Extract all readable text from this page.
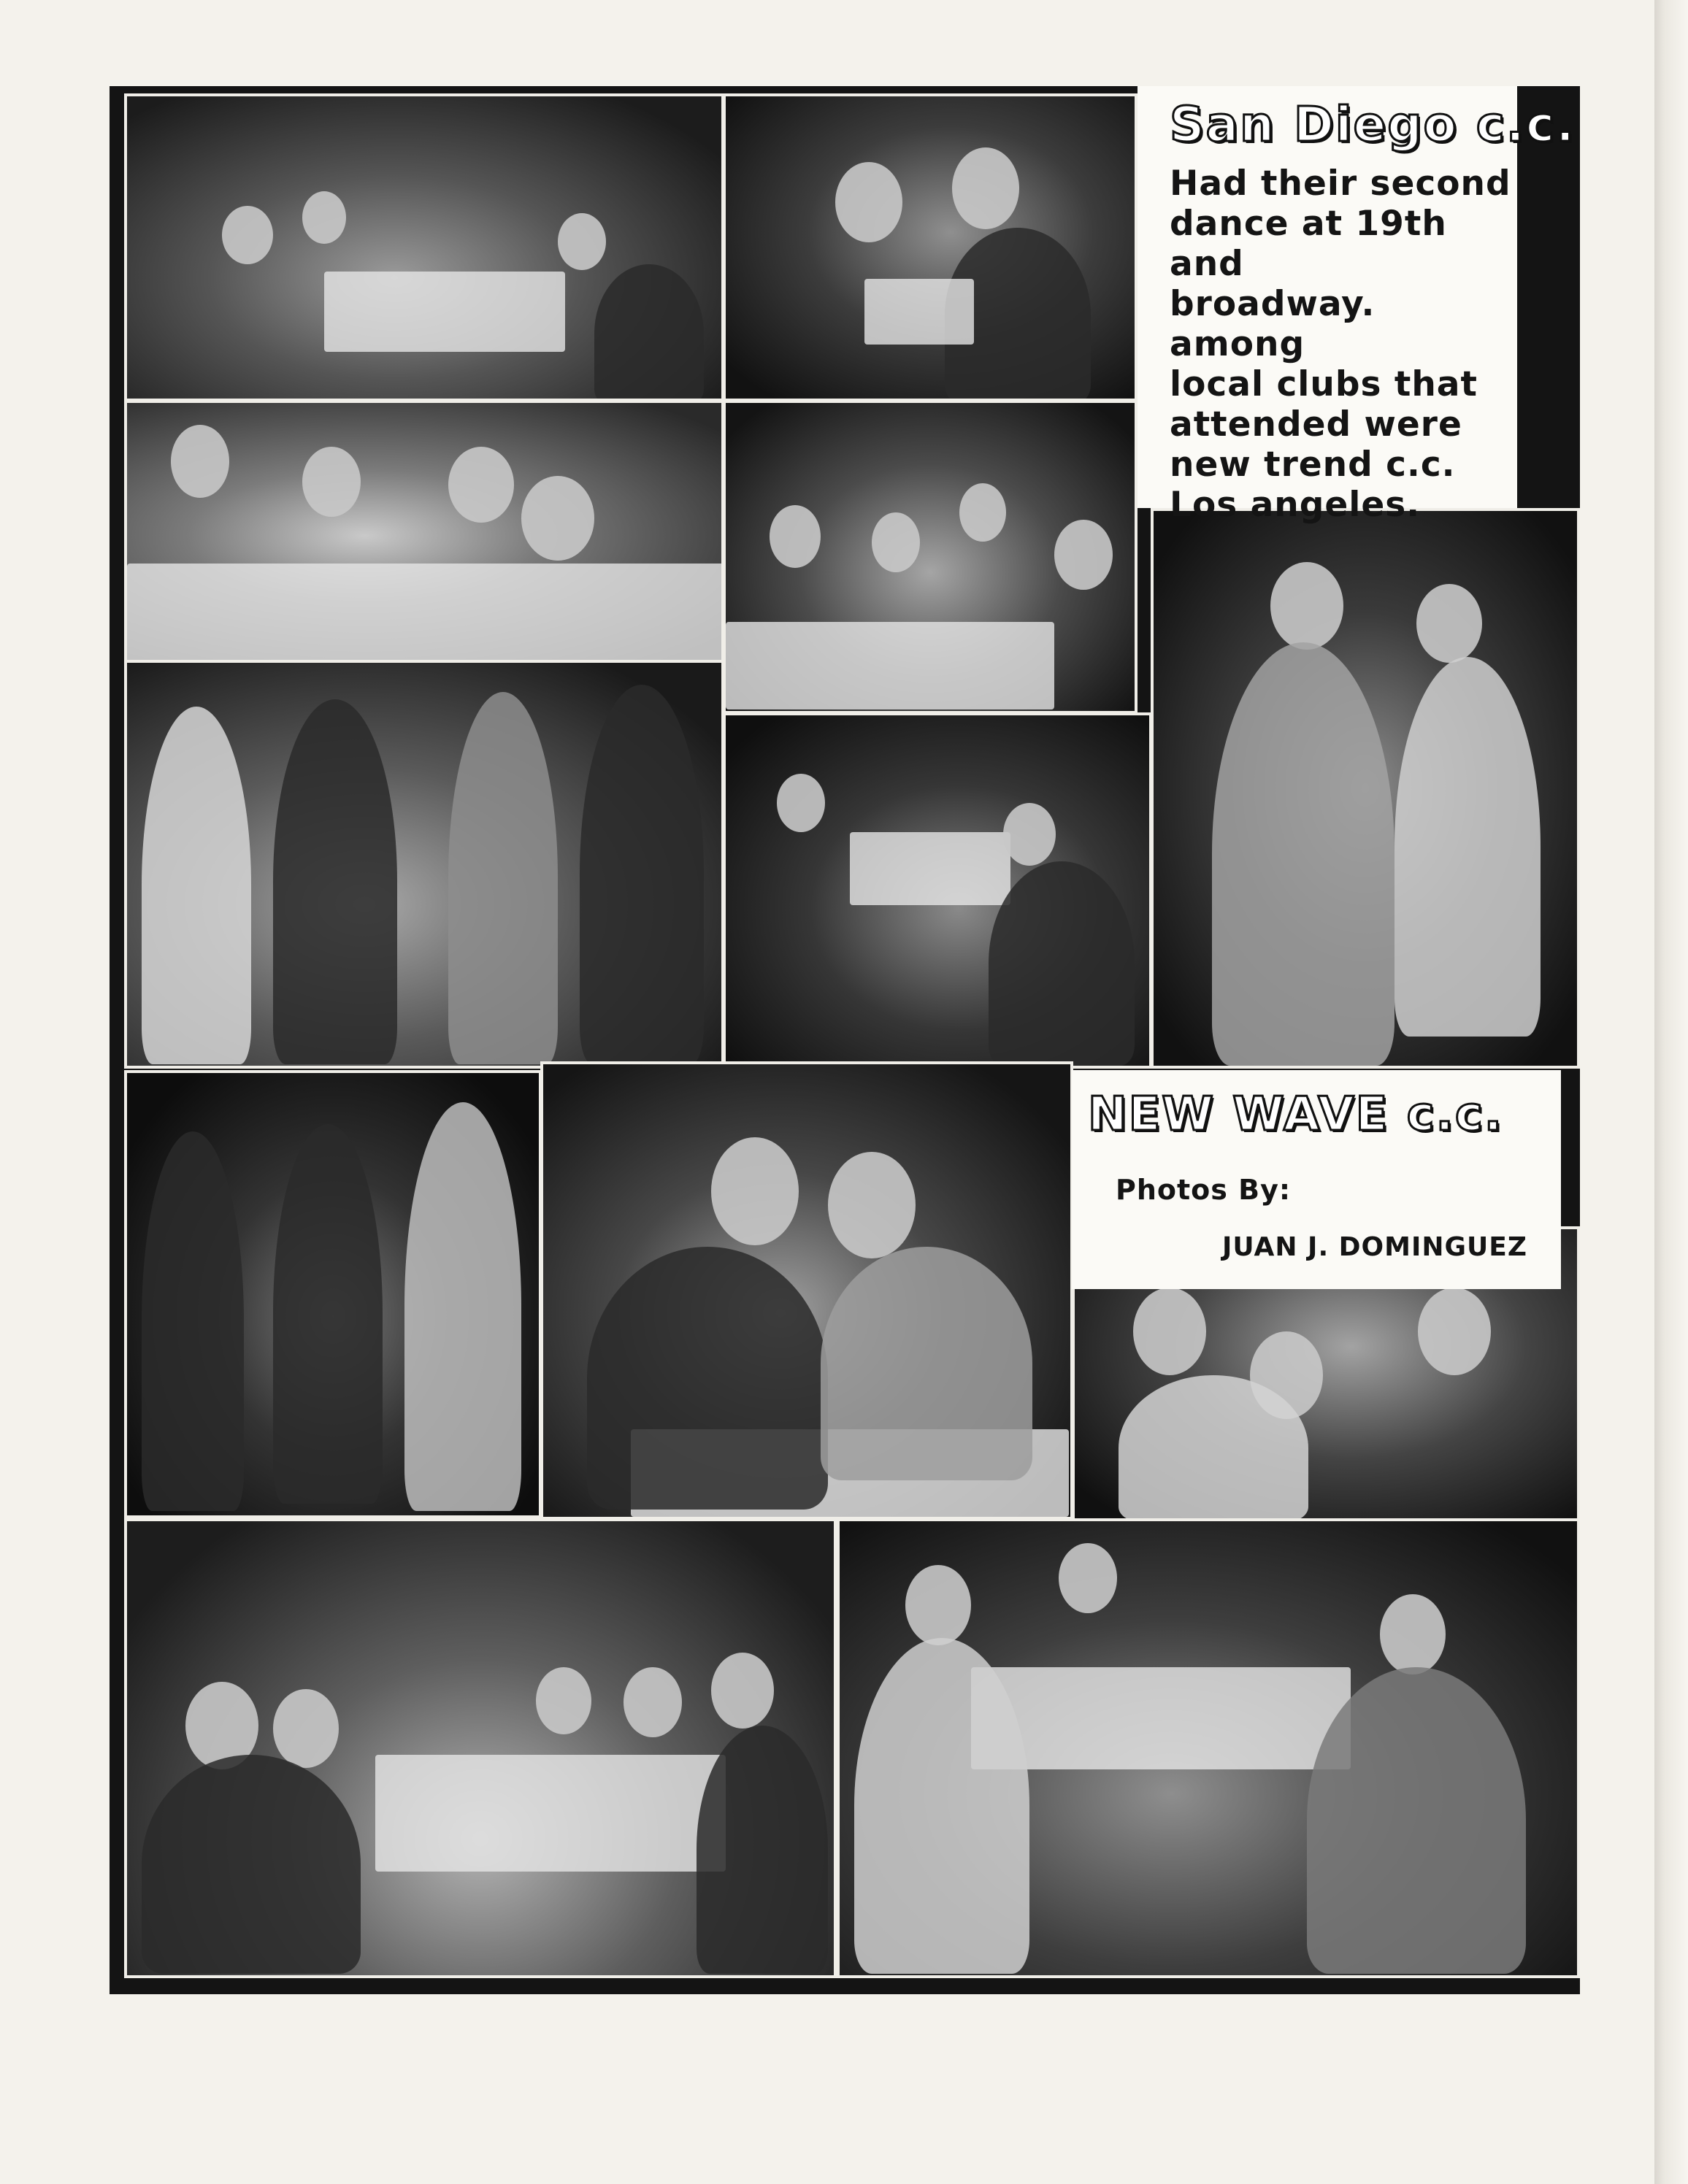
San Diego c.c.
Had their second
dance at 19th and
broadway. among
local clubs that
attended were
new trend c.c.
Los angeles.
NEW WAVE c.c.
Photos By:
JUAN J. DOMINGUEZ
